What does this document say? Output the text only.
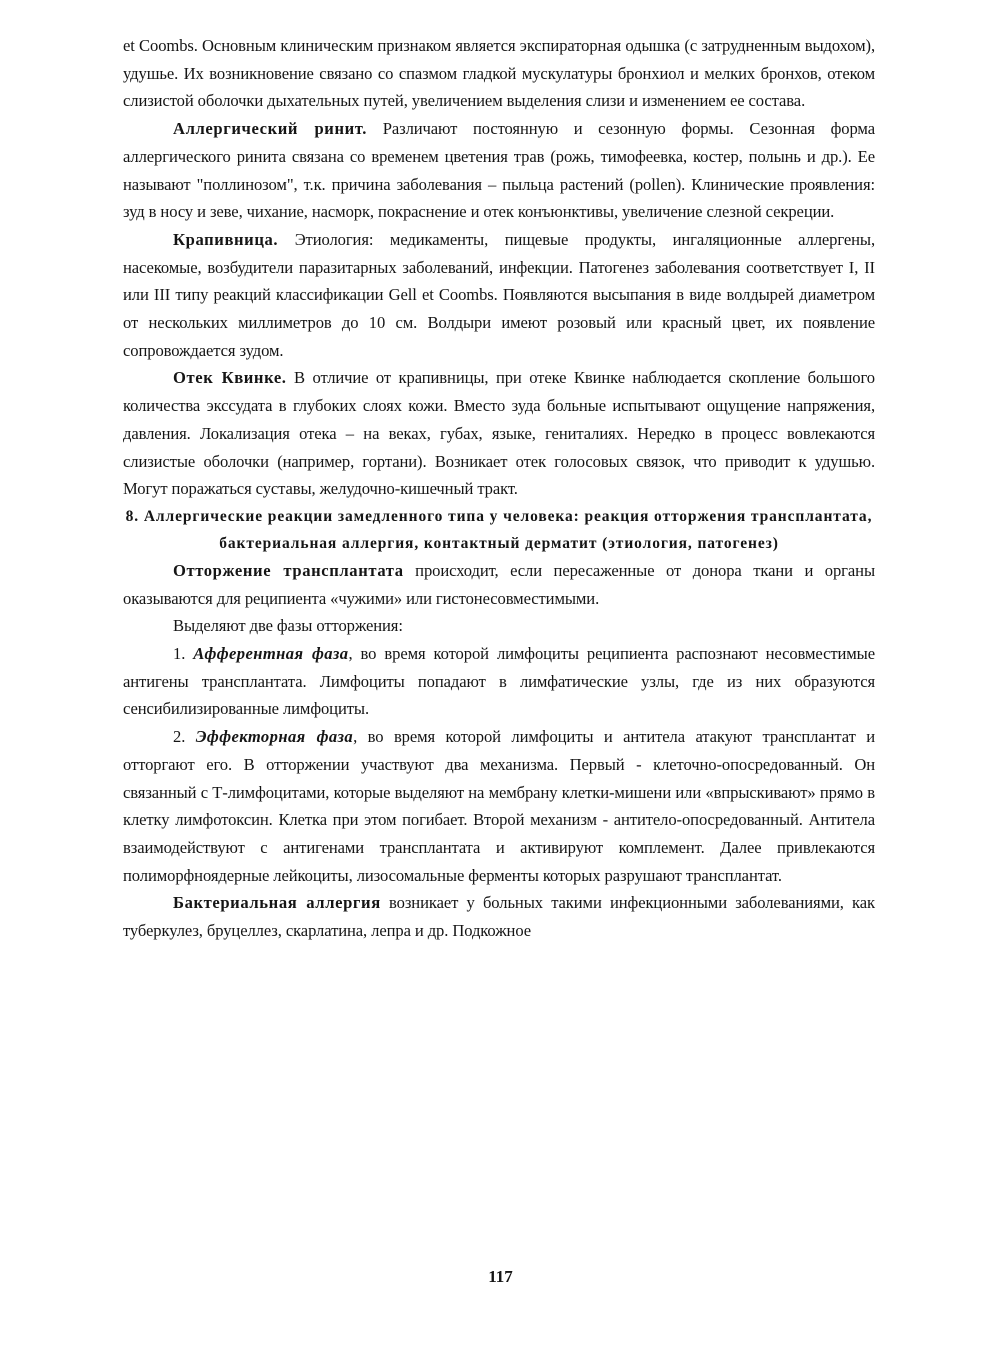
et Coombs. Основным клиническим признаком является экспираторная одышка (с затрудненным выдохом), удушье. Их возникновение связано со спазмом гладкой мускулатуры бронхиол и мелких бронхов, отеком слизистой оболочки дыхательных путей, увеличением выделения слизи и изменением ее состава.

Аллергический ринит. Различают постоянную и сезонную формы. Сезонная форма аллергического ринита связана со временем цветения трав (рожь, тимофеевка, костер, полынь и др.). Ее называют "поллинозом", т.к. причина заболевания – пыльца растений (pollen). Клинические проявления: зуд в носу и зеве, чихание, насморк, покраснение и отек конъюнктивы, увеличение слезной секреции.

Крапивница. Этиология: медикаменты, пищевые продукты, ингаляционные аллергены, насекомые, возбудители паразитарных заболеваний, инфекции. Патогенез заболевания соответствует I, II или III типу реакций классификации Gell et Coombs. Появляются высыпания в виде волдырей диаметром от нескольких миллиметров до 10 см. Волдыри имеют розовый или красный цвет, их появление сопровождается зудом.

Отек Квинке. В отличие от крапивницы, при отеке Квинке наблюдается скопление большого количества экссудата в глубоких слоях кожи. Вместо зуда больные испытывают ощущение напряжения, давления. Локализация отека – на веках, губах, языке, гениталиях. Нередко в процесс вовлекаются слизистые оболочки (например, гортани). Возникает отек голосовых связок, что приводит к удушью. Могут поражаться суставы, желудочно-кишечный тракт.

8. Аллергические реакции замедленного типа у человека: реакция отторжения трансплантата, бактериальная аллергия, контактный дерматит (этиология, патогенез)

Отторжение трансплантата происходит, если пересаженные от донора ткани и органы оказываются для реципиента «чужими» или гистонесовместимыми.

Выделяют две фазы отторжения:

1. Афферентная фаза, во время которой лимфоциты реципиента распознают несовместимые антигены трансплантата. Лимфоциты попадают в лимфатические узлы, где из них образуются сенсибилизированные лимфоциты.

2. Эффекторная фаза, во время которой лимфоциты и антитела атакуют трансплантат и отторгают его. В отторжении участвуют два механизма. Первый - клеточно-опосредованный. Он связанный с Т-лимфоцитами, которые выделяют на мембрану клетки-мишени или «впрыскивают» прямо в клетку лимфотоксин. Клетка при этом погибает. Второй механизм - антитело-опосредованный. Антитела взаимодействуют с антигенами трансплантата и активируют комплемент. Далее привлекаются полиморфноядерные лейкоциты, лизосомальные ферменты которых разрушают трансплантат.

Бактериальная аллергия возникает у больных такими инфекционными заболеваниями, как туберкулез, бруцеллез, скарлатина, лепра и др. Подкожное

117
